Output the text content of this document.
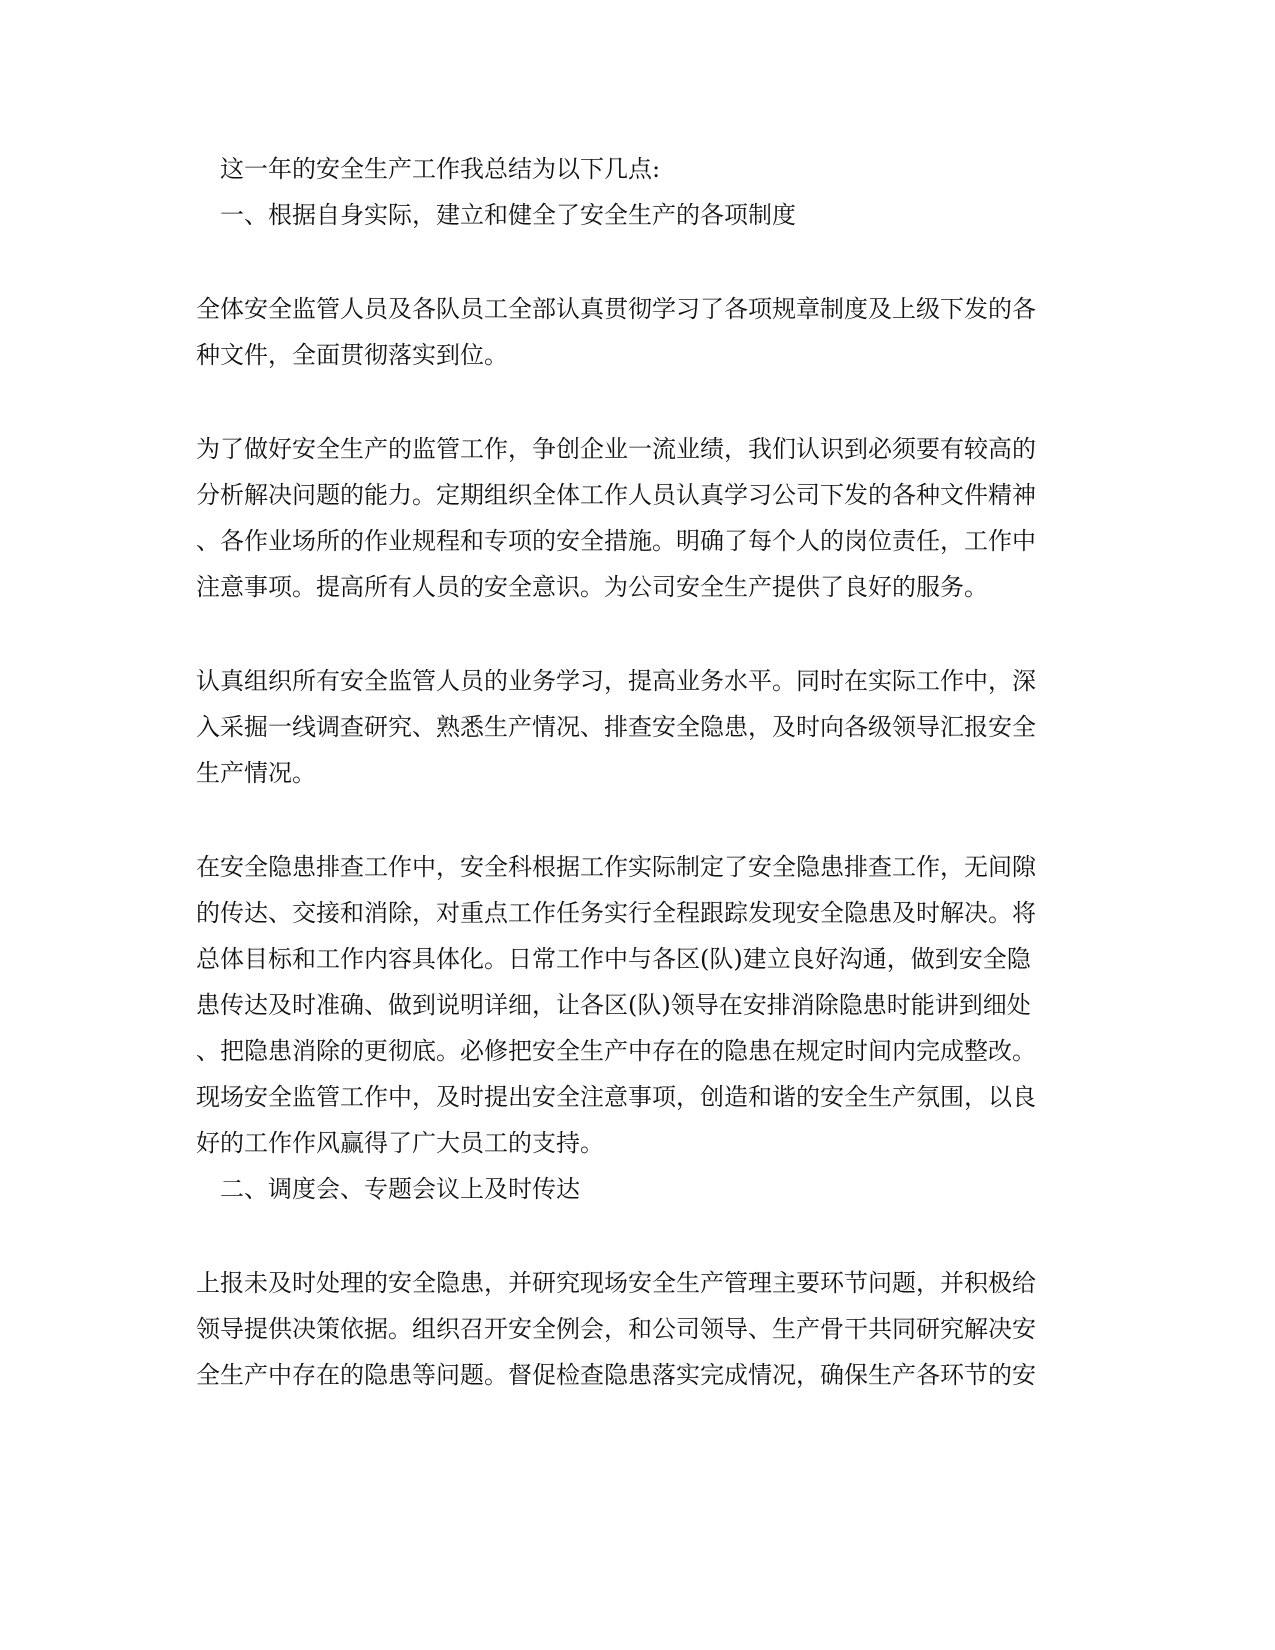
这一年的安全生产工作我总结为以下几点:
一、根据自身实际，建立和健全了安全生产的各项制度
全体安全监管人员及各队员工全部认真贯彻学习了各项规章制度及上级下发的各
种文件，全面贯彻落实到位。
为了做好安全生产的监管工作，争创企业一流业绩，我们认识到必须要有较高的
分析解决问题的能力。定期组织全体工作人员认真学习公司下发的各种文件精神
、各作业场所的作业规程和专项的安全措施。明确了每个人的岗位责任，工作中
注意事项。提高所有人员的安全意识。为公司安全生产提供了良好的服务。
认真组织所有安全监管人员的业务学习，提高业务水平。同时在实际工作中，深
入采掘一线调查研究、熟悉生产情况、排查安全隐患，及时向各级领导汇报安全
生产情况。
在安全隐患排查工作中，安全科根据工作实际制定了安全隐患排查工作，无间隙
的传达、交接和消除，对重点工作任务实行全程跟踪发现安全隐患及时解决。将
总体目标和工作内容具体化。日常工作中与各区(队)建立良好沟通，做到安全隐
患传达及时准确、做到说明详细，让各区(队)领导在安排消除隐患时能讲到细处
、把隐患消除的更彻底。必修把安全生产中存在的隐患在规定时间内完成整改。
现场安全监管工作中，及时提出安全注意事项，创造和谐的安全生产氛围，以良
好的工作作风赢得了广大员工的支持。
二、调度会、专题会议上及时传达
上报未及时处理的安全隐患，并研究现场安全生产管理主要环节问题，并积极给
领导提供决策依据。组织召开安全例会，和公司领导、生产骨干共同研究解决安
全生产中存在的隐患等问题。督促检查隐患落实完成情况，确保生产各环节的安
